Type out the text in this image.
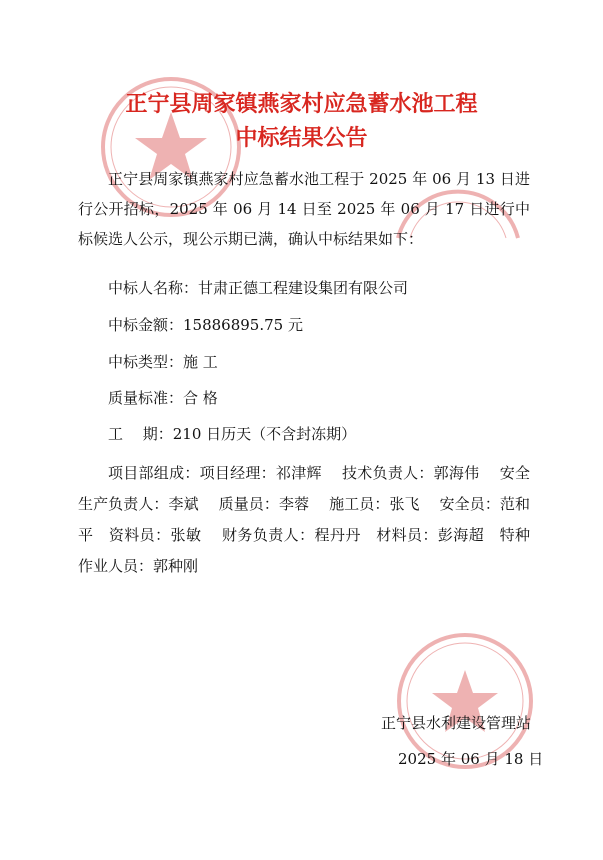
正宁县周家镇燕家村应急蓄水池工程
中标结果公告
正宁县周家镇燕家村应急蓄水池工程于 2025 年 06 月 13 日进行公开招标，2025 年 06 月 14 日至 2025 年 06 月 17 日进行中标候选人公示，现公示期已满，确认中标结果如下：
中标人名称：甘肃正德工程建设集团有限公司
中标金额：15886895.75 元
中标类型：施 工
质量标准：合 格
工　 期：210 日历天（不含封冻期）
项目部组成：项目经理：祁津辉　 技术负责人：郭海伟　 安全生产负责人：李斌　 质量员：李蓉　 施工员：张飞　 安全员：范和平　资料员：张敏　 财务负责人：程丹丹　材料员：彭海超　特种作业人员：郭种刚
正宁县水利建设管理站
2025 年 06 月 18 日
